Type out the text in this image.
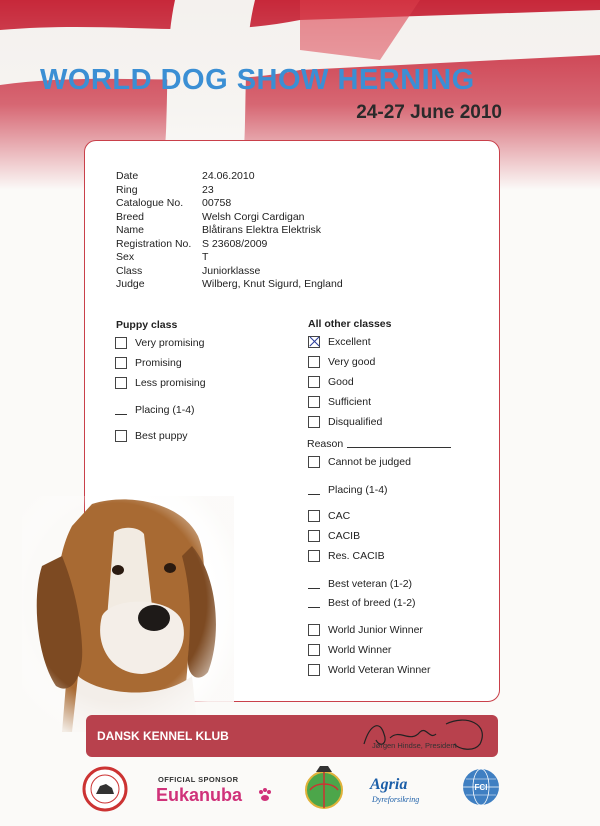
WORLD DOG SHOW HERNING
24-27 June 2010
Date	24.06.2010
Ring	23
Catalogue No.	00758
Breed	Welsh Corgi Cardigan
Name	Blåtirans Elektra Elektrisk
Registration No.	S 23608/2009
Sex	T
Class	Juniorklasse
Judge	Wilberg, Knut Sigurd, England
Puppy class
Very promising
Promising
Less promising
Placing (1-4)
Best puppy
All other classes
Excellent
Very good
Good
Sufficient
Disqualified
Reason
Cannot be judged
Placing (1-4)
CAC
CACIB
Res. CACIB
Best veteran (1-2)
Best of breed (1-2)
World Junior Winner
World Winner
World Veteran Winner
DANSK KENNEL KLUB
Jørgen Hindse, President
OFFICIAL SPONSOR
Eukanuba
Agria
Dyreforsikring
FCI
